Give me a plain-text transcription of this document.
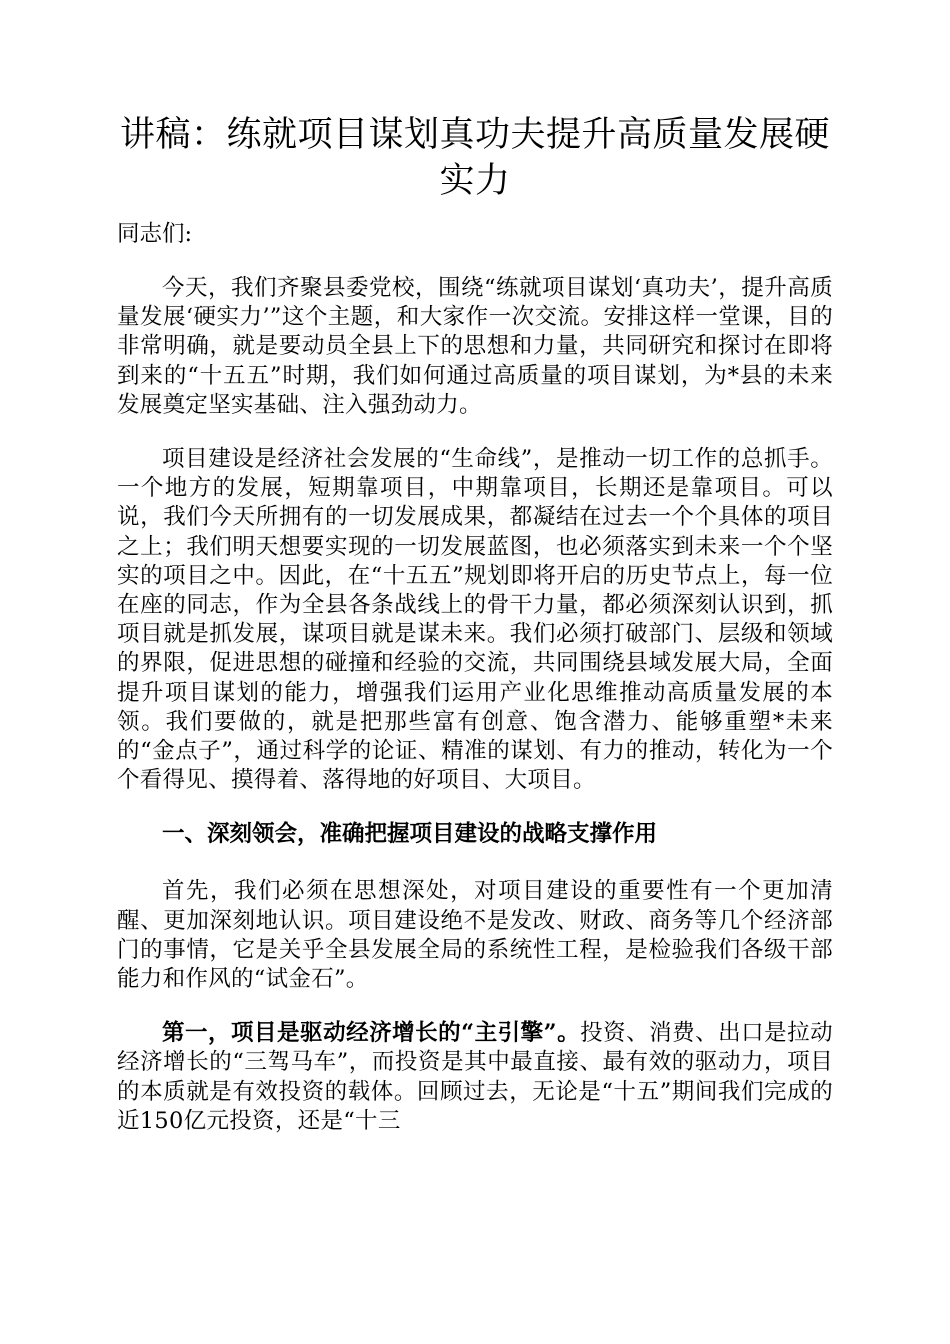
讲稿：练就项目谋划真功夫提升高质量发展硬实力

同志们:

今天，我们齐聚县委党校，围绕“练就项目谋划‘真功夫’，提升高质量发展‘硬实力’”这个主题，和大家作一次交流。安排这样一堂课，目的非常明确，就是要动员全县上下的思想和力量，共同研究和探讨在即将到来的“十五五”时期，我们如何通过高质量的项目谋划，为*县的未来发展奠定坚实基础、注入强劲动力。

项目建设是经济社会发展的“生命线”，是推动一切工作的总抓手。一个地方的发展，短期靠项目，中期靠项目，长期还是靠项目。可以说，我们今天所拥有的一切发展成果，都凝结在过去一个个具体的项目之上；我们明天想要实现的一切发展蓝图，也必须落实到未来一个个坚实的项目之中。因此，在“十五五”规划即将开启的历史节点上，每一位在座的同志，作为全县各条战线上的骨干力量，都必须深刻认识到，抓项目就是抓发展，谋项目就是谋未来。我们必须打破部门、层级和领域的界限，促进思想的碰撞和经验的交流，共同围绕县域发展大局，全面提升项目谋划的能力，增强我们运用产业化思维推动高质量发展的本领。我们要做的，就是把那些富有创意、饱含潜力、能够重塑*未来的“金点子”，通过科学的论证、精准的谋划、有力的推动，转化为一个个看得见、摸得着、落得地的好项目、大项目。

一、深刻领会，准确把握项目建设的战略支撑作用

首先，我们必须在思想深处，对项目建设的重要性有一个更加清醒、更加深刻地认识。项目建设绝不是发改、财政、商务等几个经济部门的事情，它是关乎全县发展全局的系统性工程，是检验我们各级干部能力和作风的“试金石”。

第一，项目是驱动经济增长的“主引擎”。投资、消费、出口是拉动经济增长的“三驾马车”，而投资是其中最直接、最有效的驱动力，项目的本质就是有效投资的载体。回顾过去，无论是“十五”期间我们完成的近150亿元投资，还是“十三
